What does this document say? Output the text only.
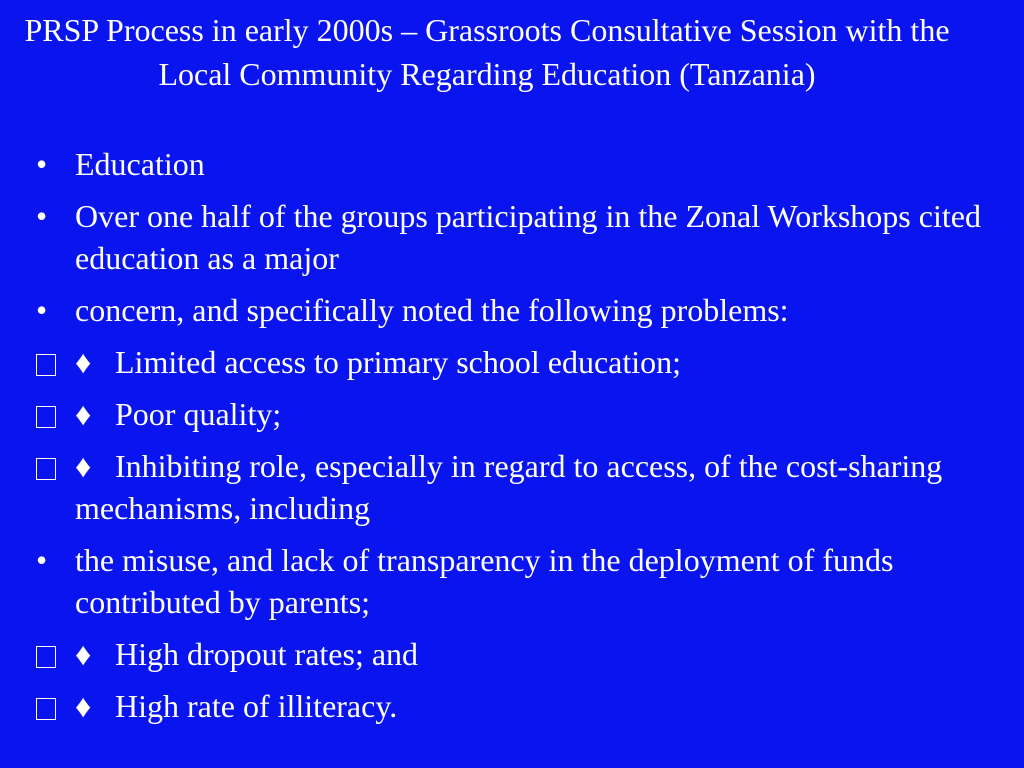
PRSP Process in early 2000s – Grassroots Consultative Session with the Local Community Regarding Education (Tanzania)
• Education
• Over one half of the groups participating in the Zonal Workshops cited education as a major
• concern, and specifically noted the following problems:
♦ Limited access to primary school education;
♦ Poor quality;
♦ Inhibiting role, especially in regard to access, of the cost-sharing mechanisms, including
• the misuse, and lack of transparency in the deployment of funds contributed by parents;
♦ High dropout rates; and
♦ High rate of illiteracy.
